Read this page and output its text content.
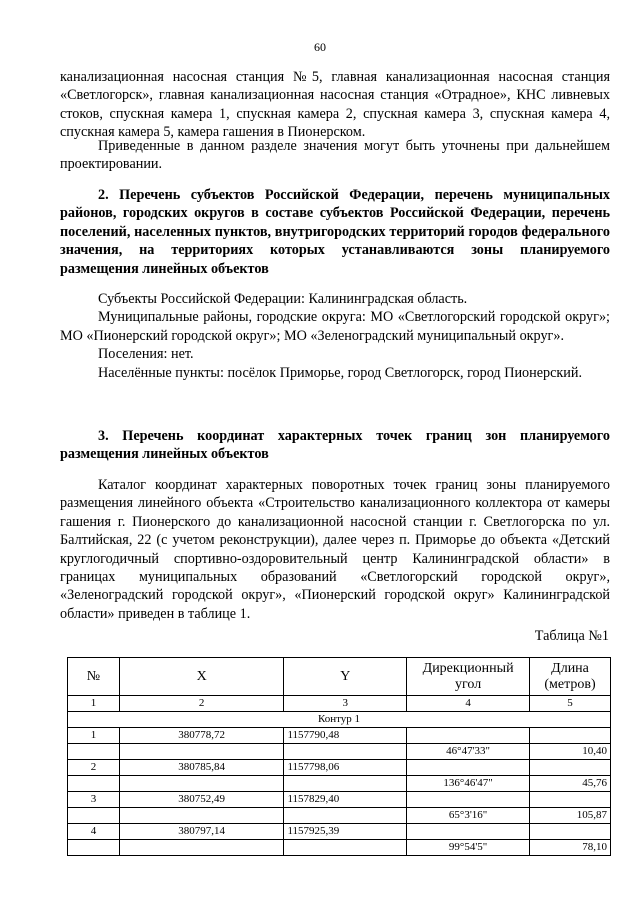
60

канализационная насосная станция №5, главная канализационная насосная станция «Светлогорск», главная канализационная насосная станция «Отрадное», КНС ливневых стоков, спускная камера 1, спускная камера 2, спускная камера 3, спускная камера 4, спускная камера 5, камера гашения в Пионерском.

Приведенные в данном разделе значения могут быть уточнены при дальнейшем проектировании.

2. Перечень субъектов Российской Федерации, перечень муниципальных районов, городских округов в составе субъектов Российской Федерации, перечень поселений, населенных пунктов, внутригородских территорий городов федерального значения, на территориях которых устанавливаются зоны планируемого размещения линейных объектов

Субъекты Российской Федерации: Калининградская область.

Муниципальные районы, городские округа: МО «Светлогорский городской округ»; МО «Пионерский городской округ»; МО «Зеленоградский муниципальный округ».

Поселения: нет.

Населённые пункты: посёлок Приморье, город Светлогорск, город Пионерский.

3. Перечень координат характерных точек границ зон планируемого размещения линейных объектов

Каталог координат характерных поворотных точек границ зоны планируемого размещения линейного объекта «Строительство канализационного коллектора от камеры гашения г. Пионерского до канализационной насосной станции г. Светлогорска по ул. Балтийская, 22 (с учетом реконструкции), далее через п. Приморье до объекта «Детский круглогодичный спортивно-оздоровительный центр Калининградской области» в границах муниципальных образований «Светлогорский городской округ», «Зеленоградский городской округ», «Пионерский городской округ» Калининградской области» приведен в таблице 1.

Таблица №1
№	X	Y	Дирекционный угол	Длина (метров)
1	2	3	4	5
Контур 1				
1	380778,72	1157790,48		
			46°47'33"	10,40
2	380785,84	1157798,06		
			136°46'47"	45,76
3	380752,49	1157829,40		
			65°3'16"	105,87
4	380797,14	1157925,39		
			99°54'5"	78,10
